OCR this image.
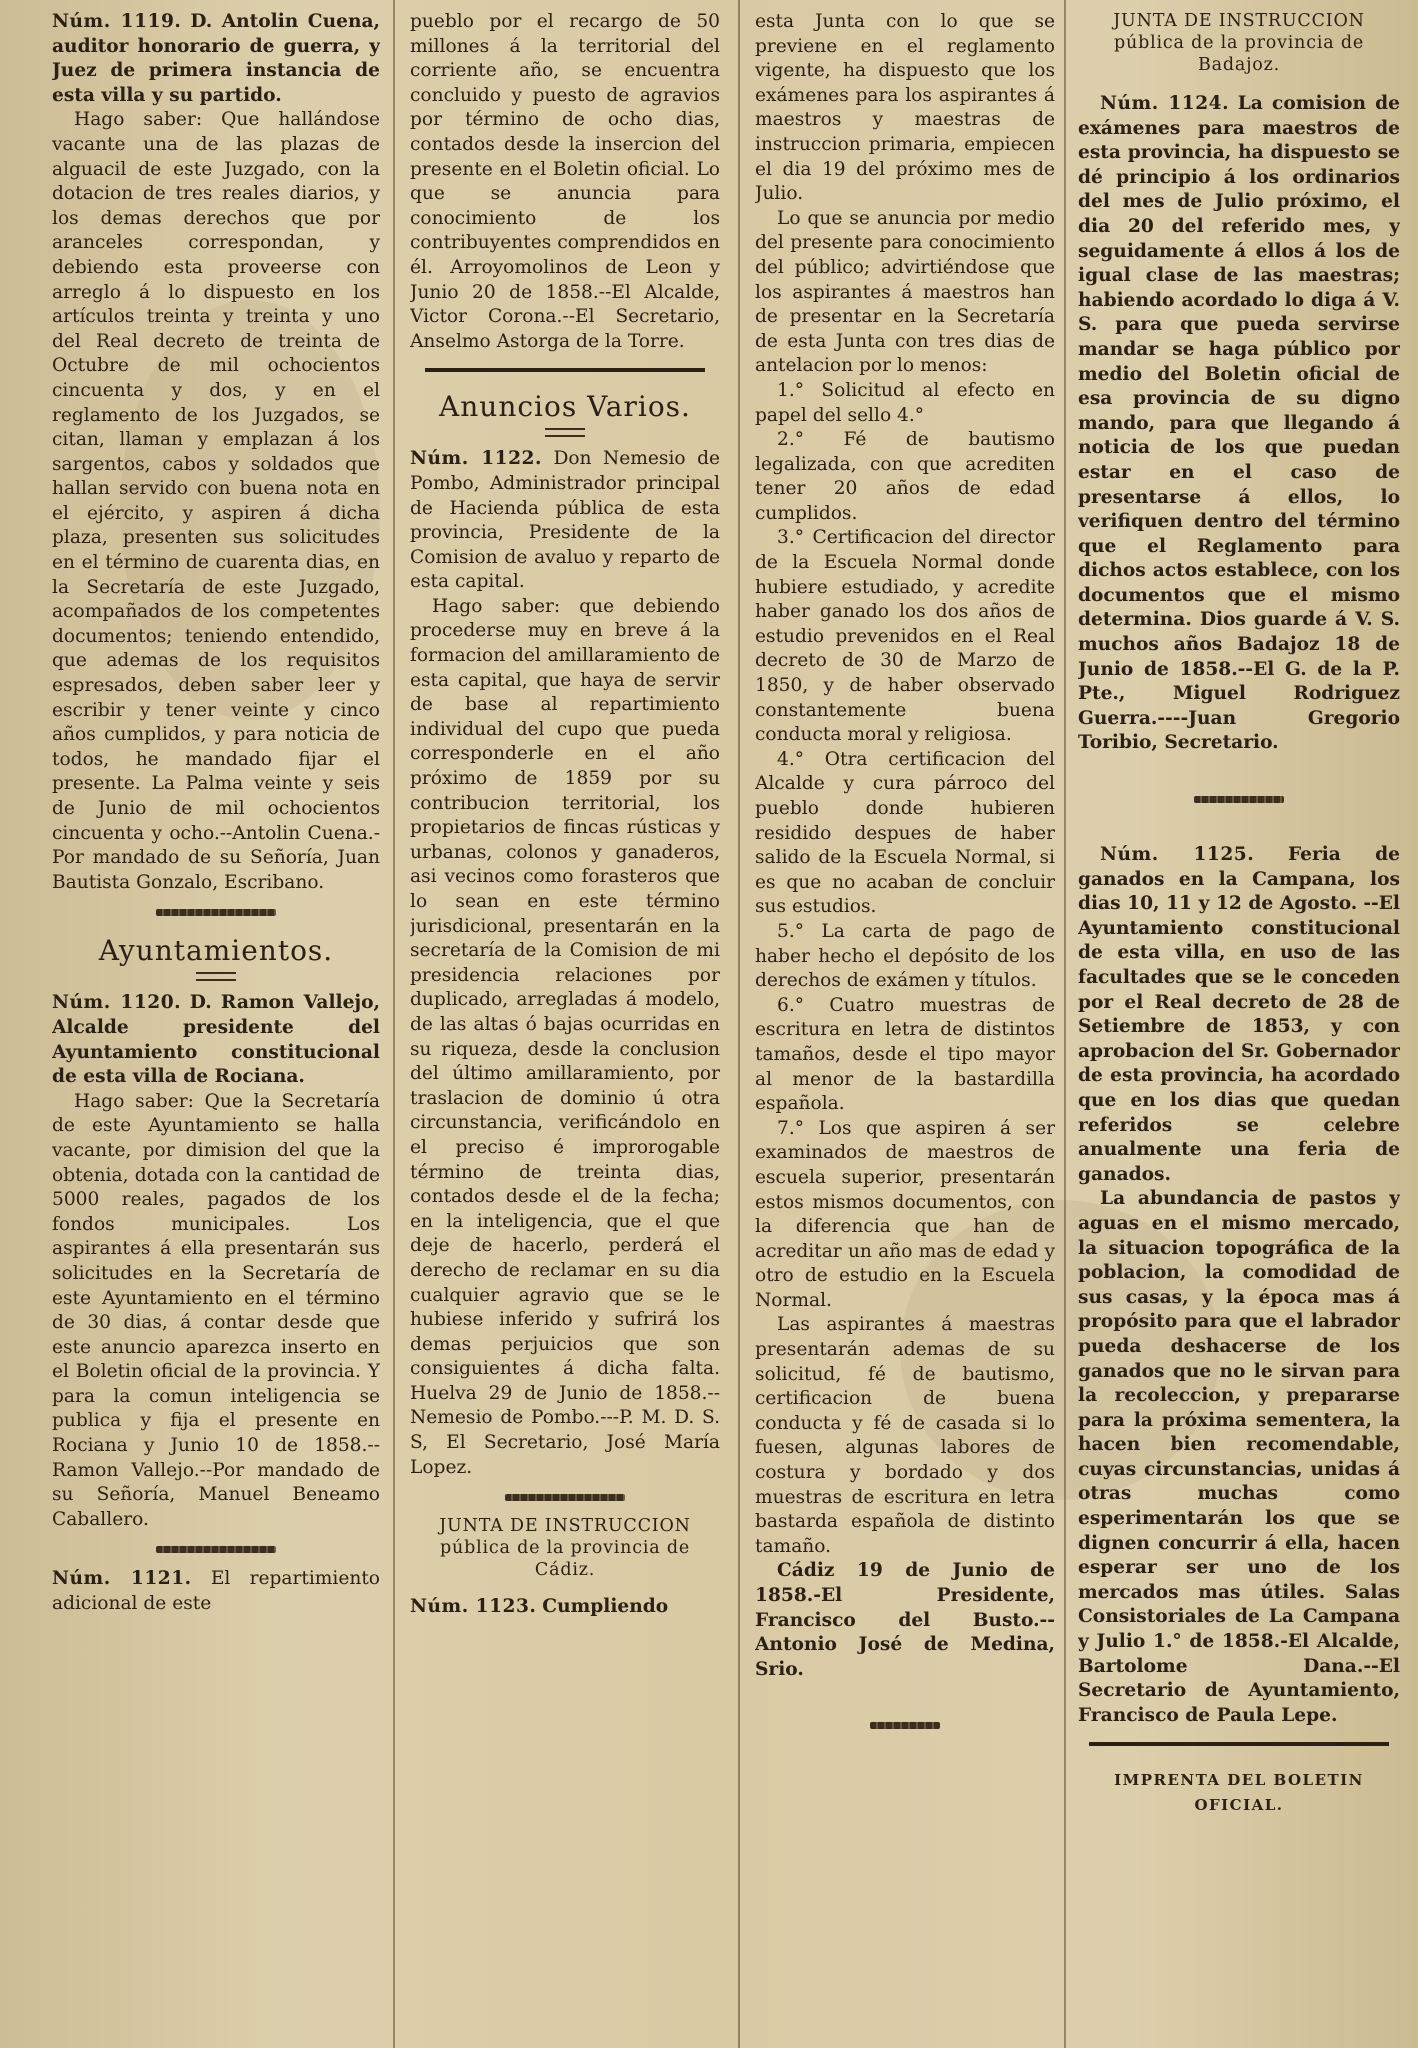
Núm. 1119. D. Antolin Cuena, auditor honorario de guerra, y Juez de primera instancia de esta villa y su partido.

Hago saber: Que hallándose vacante una de las plazas de alguacil de este Juzgado, con la dotacion de tres reales diarios, y los demas derechos que por aranceles correspondan, y debiendo esta proveerse con arreglo á lo dispuesto en los artículos treinta y treinta y uno del Real decreto de treinta de Octubre de mil ochocientos cincuenta y dos, y en el reglamento de los Juzgados, se citan, llaman y emplazan á los sargentos, cabos y soldados que hallan servido con buena nota en el ejército, y aspiren á dicha plaza, presenten sus solicitudes en el término de cuarenta dias, en la Secretaría de este Juzgado, acompañados de los competentes documentos; teniendo entendido, que ademas de los requisitos espresados, deben saber leer y escribir y tener veinte y cinco años cumplidos, y para noticia de todos, he mandado fijar el presente. La Palma veinte y seis de Junio de mil ochocientos cincuenta y ocho.--Antolin Cuena.-Por mandado de su Señoría, Juan Bautista Gonzalo, Escribano.

Ayuntamientos.

Núm. 1120. D. Ramon Vallejo, Alcalde presidente del Ayuntamiento constitucional de esta villa de Rociana.

Hago saber: Que la Secretaría de este Ayuntamiento se halla vacante, por dimision del que la obtenia, dotada con la cantidad de 5000 reales, pagados de los fondos municipales. Los aspirantes á ella presentarán sus solicitudes en la Secretaría de este Ayuntamiento en el término de 30 dias, á contar desde que este anuncio aparezca inserto en el Boletin oficial de la provincia. Y para la comun inteligencia se publica y fija el presente en Rociana y Junio 10 de 1858.--Ramon Vallejo.--Por mandado de su Señoría, Manuel Beneamo Caballero.

Núm. 1121. El repartimiento adicional de este

pueblo por el recargo de 50 millones á la territorial del corriente año, se encuentra concluido y puesto de agravios por término de ocho dias, contados desde la insercion del presente en el Boletin oficial. Lo que se anuncia para conocimiento de los contribuyentes comprendidos en él. Arroyomolinos de Leon y Junio 20 de 1858.--El Alcalde, Victor Corona.--El Secretario, Anselmo Astorga de la Torre.

Anuncios Varios.

Núm. 1122. Don Nemesio de Pombo, Administrador principal de Hacienda pública de esta provincia, Presidente de la Comision de avaluo y reparto de esta capital.

Hago saber: que debiendo procederse muy en breve á la formacion del amillaramiento de esta capital, que haya de servir de base al repartimiento individual del cupo que pueda corresponderle en el año próximo de 1859 por su contribucion territorial, los propietarios de fincas rústicas y urbanas, colonos y ganaderos, asi vecinos como forasteros que lo sean en este término jurisdicional, presentarán en la secretaría de la Comision de mi presidencia relaciones por duplicado, arregladas á modelo, de las altas ó bajas ocurridas en su riqueza, desde la conclusion del último amillaramiento, por traslacion de dominio ú otra circunstancia, verificándolo en el preciso é improrogable término de treinta dias, contados desde el de la fecha; en la inteligencia, que el que deje de hacerlo, perderá el derecho de reclamar en su dia cualquier agravio que se le hubiese inferido y sufrirá los demas perjuicios que son consiguientes á dicha falta. Huelva 29 de Junio de 1858.--Nemesio de Pombo.---P. M. D. S. S, El Secretario, José María Lopez.

JUNTA DE INSTRUCCION pública de la provincia de Cádiz.

Núm. 1123. Cumpliendo

esta Junta con lo que se previene en el reglamento vigente, ha dispuesto que los exámenes para los aspirantes á maestros y maestras de instruccion primaria, empiecen el dia 19 del próximo mes de Julio.

Lo que se anuncia por medio del presente para conocimiento del público; advirtiéndose que los aspirantes á maestros han de presentar en la Secretaría de esta Junta con tres dias de antelacion por lo menos:

1.° Solicitud al efecto en papel del sello 4.°

2.° Fé de bautismo legalizada, con que acrediten tener 20 años de edad cumplidos.

3.° Certificacion del director de la Escuela Normal donde hubiere estudiado, y acredite haber ganado los dos años de estudio prevenidos en el Real decreto de 30 de Marzo de 1850, y de haber observado constantemente buena conducta moral y religiosa.

4.° Otra certificacion del Alcalde y cura párroco del pueblo donde hubieren residido despues de haber salido de la Escuela Normal, si es que no acaban de concluir sus estudios.

5.° La carta de pago de haber hecho el depósito de los derechos de exámen y títulos.

6.° Cuatro muestras de escritura en letra de distintos tamaños, desde el tipo mayor al menor de la bastardilla española.

7.° Los que aspiren á ser examinados de maestros de escuela superior, presentarán estos mismos documentos, con la diferencia que han de acreditar un año mas de edad y otro de estudio en la Escuela Normal.

Las aspirantes á maestras presentarán ademas de su solicitud, fé de bautismo, certificacion de buena conducta y fé de casada si lo fuesen, algunas labores de costura y bordado y dos muestras de escritura en letra bastarda española de distinto tamaño.

Cádiz 19 de Junio de 1858.-El Presidente, Francisco del Busto.--Antonio José de Medina, Srio.

JUNTA DE INSTRUCCION pública de la provincia de Badajoz.

Núm. 1124. La comision de exámenes para maestros de esta provincia, ha dispuesto se dé principio á los ordinarios del mes de Julio próximo, el dia 20 del referido mes, y seguidamente á ellos á los de igual clase de las maestras; habiendo acordado lo diga á V. S. para que pueda servirse mandar se haga público por medio del Boletin oficial de esa provincia de su digno mando, para que llegando á noticia de los que puedan estar en el caso de presentarse á ellos, lo verifiquen dentro del término que el Reglamento para dichos actos establece, con los documentos que el mismo determina. Dios guarde á V. S. muchos años Badajoz 18 de Junio de 1858.--El G. de la P. Pte., Miguel Rodriguez Guerra.----Juan Gregorio Toribio, Secretario.

Núm. 1125. Feria de ganados en la Campana, los dias 10, 11 y 12 de Agosto. --El Ayuntamiento constitucional de esta villa, en uso de las facultades que se le conceden por el Real decreto de 28 de Setiembre de 1853, y con aprobacion del Sr. Gobernador de esta provincia, ha acordado que en los dias que quedan referidos se celebre anualmente una feria de ganados.

La abundancia de pastos y aguas en el mismo mercado, la situacion topográfica de la poblacion, la comodidad de sus casas, y la época mas á propósito para que el labrador pueda deshacerse de los ganados que no le sirvan para la recoleccion, y prepararse para la próxima sementera, la hacen bien recomendable, cuyas circunstancias, unidas á otras muchas como esperimentarán los que se dignen concurrir á ella, hacen esperar ser uno de los mercados mas útiles. Salas Consistoriales de La Campana y Julio 1.° de 1858.-El Alcalde, Bartolome Dana.--El Secretario de Ayuntamiento, Francisco de Paula Lepe.

IMPRENTA DEL BOLETIN OFICIAL.
